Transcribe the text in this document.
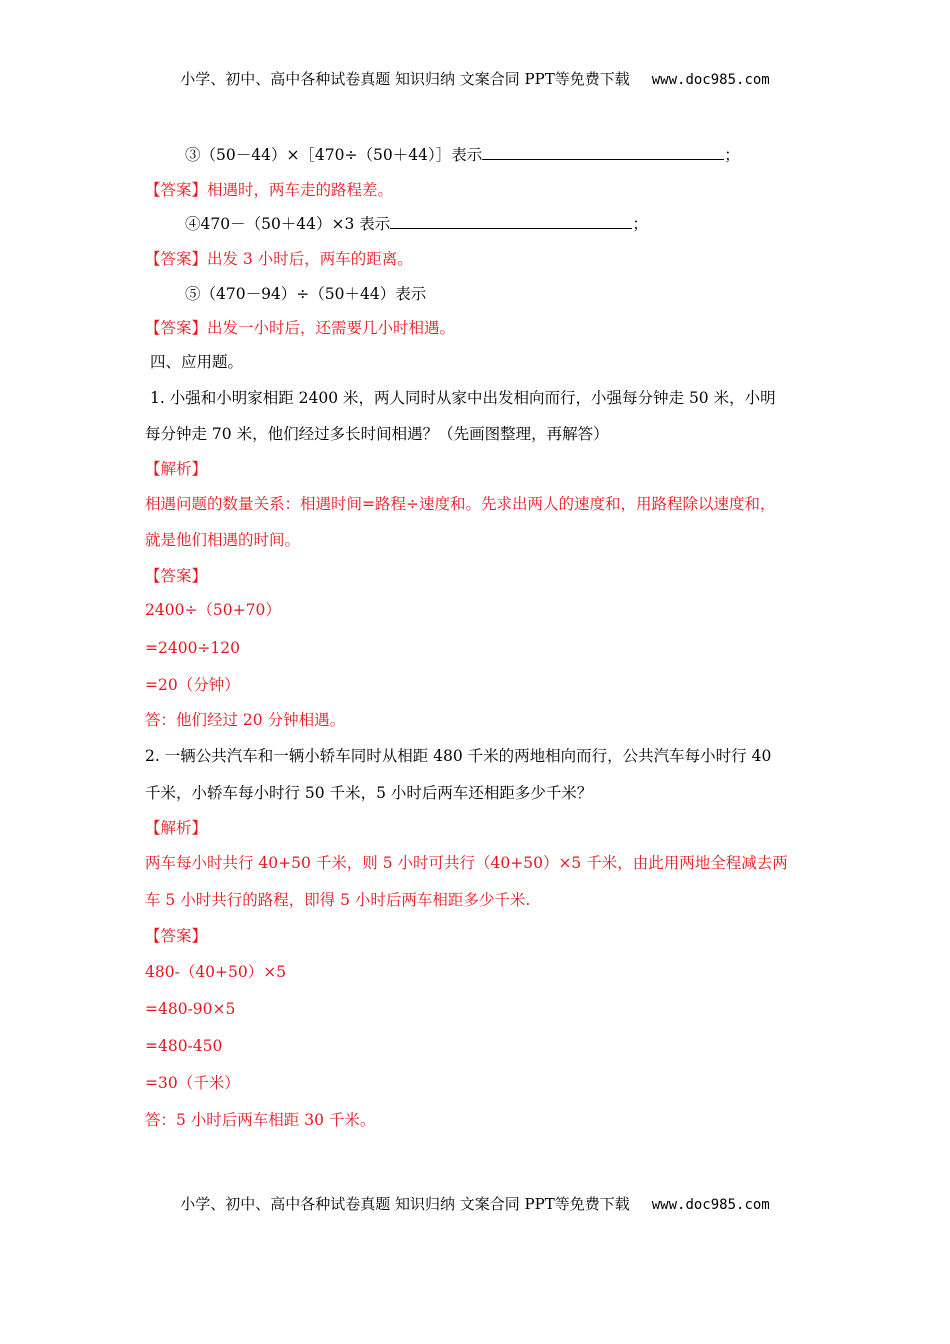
小学、初中、高中各种试卷真题 知识归纳 文案合同 PPT等免费下载 www.doc985.com
③（50－44）×［470÷（50＋44）］表示	；
【答案】相遇时，两车走的路程差。
④470－（50＋44）×3 表示	；
【答案】出发 3 小时后，两车的距离。
⑤（470－94）÷（50＋44）表示
【答案】出发一小时后，还需要几小时相遇。
四、应用题。
1. 小强和小明家相距 2400 米，两人同时从家中出发相向而行，小强每分钟走 50 米，小明
每分钟走 70 米，他们经过多长时间相遇？（先画图整理，再解答）
【解析】
相遇问题的数量关系：相遇时间=路程÷速度和。先求出两人的速度和，用路程除以速度和，
就是他们相遇的时间。
【答案】
2400÷（50+70）
=2400÷120
=20（分钟）
答：他们经过 20 分钟相遇。
2. 一辆公共汽车和一辆小轿车同时从相距 480 千米的两地相向而行，公共汽车每小时行 40
千米，小轿车每小时行 50 千米，5 小时后两车还相距多少千米？
【解析】
两车每小时共行 40+50 千米，则 5 小时可共行（40+50）×5 千米，由此用两地全程减去两
车 5 小时共行的路程，即得 5 小时后两车相距多少千米.
【答案】
480-（40+50）×5
=480-90×5
=480-450
=30（千米）
答：5 小时后两车相距 30 千米。
小学、初中、高中各种试卷真题 知识归纳 文案合同 PPT等免费下载 www.doc985.com
